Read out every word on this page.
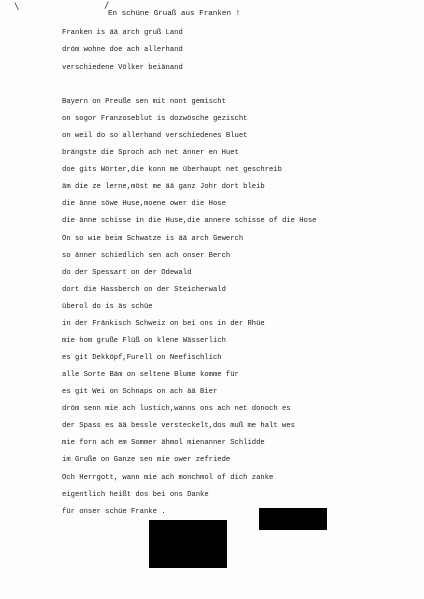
\	/
En schüne Gruaß aus Franken !
Franken is ää arch gruß Land
dröm wohne doe ach allerhand
verschiedene Völker beiänand
Bayern on Preuße sen mit nont gemischt
on sogor Franzoseblut is dozwösche gezischt
on weil do so allerhand verschiedenes Bluet
brängste die Sproch ach net änner en Huet
doe gits Wörter,die konn me überhaupt net geschreib
äm die ze lerne,möst me ää ganz Johr dort bleib
die änne söwe Huse,moene ower die Hose
die änne schisse in die Huse,die annere schisse of die Hose
On so wie beim Schwatze is ää arch Gewerch
so änner schiedlich sen ach onser Berch
do der Spessart on der Odewald
dort die Hassberch on der Steicherwald
überol do is äs schüe
in der Fränkisch Schweiz on bei ons in der Rhüe
mie hom gruße Flüß on klene Wässerlich
es git Dekköpf,Furell on Neefischlich
alle Sorte Bäm on seltene Blume komme für
es git Wei on Schnaps on ach ää Bier
dröm senn mie ach lustich,wanns ons ach net donoch es
der Spass es ää bessle versteckelt,dos muß me halt wes
mie forn ach em Sommer ähmol mienanner Schlidde
im Gruße on Ganze sen mie ower zefriede
Och Herrgott, wann mie ach monchmol of dich zanke
eigentlich heißt dos bei ons Danke
für onser schüe Franke .
